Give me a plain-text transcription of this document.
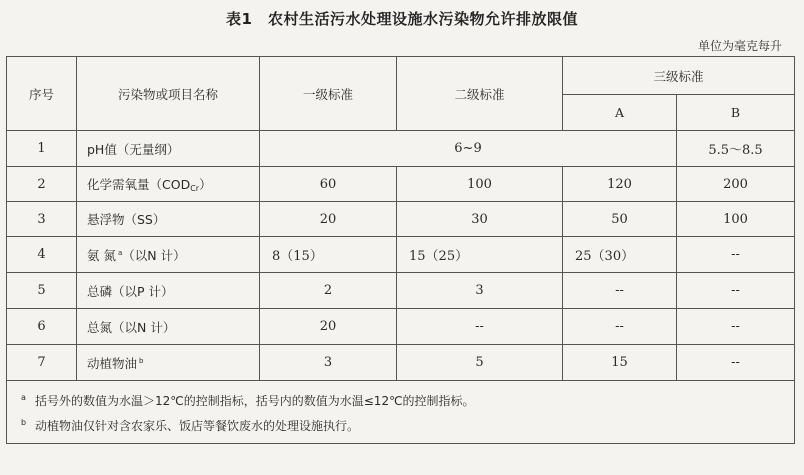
表1　农村生活污水处理设施水污染物允许排放限值
单位为毫克每升
序号	污染物或项目名称	一级标准	二级标准	三级标准	
				A	B
1	pH值（无量纲）	6~9			5.5～8.5
2	化学需氧量$(COD_{Cr})$	60	100	120	200
3	悬浮物（SS）	20	30	50	100
4	氨 氮 $^a$（以N 计）	8（15）	15（25）	25（30）	--
5	总磷（以P 计）	2	3	--	--
6	总氮（以N 计）	20	--	--	--
7	动植物油 $^b$	3	5	15	--

a 括号外的数值为水温＞12℃的控制指标，括号内的数值为水温≤12℃的控制指标。
b 动植物油仅针对含农家乐、饭店等餐饮废水的处理设施执行。					
